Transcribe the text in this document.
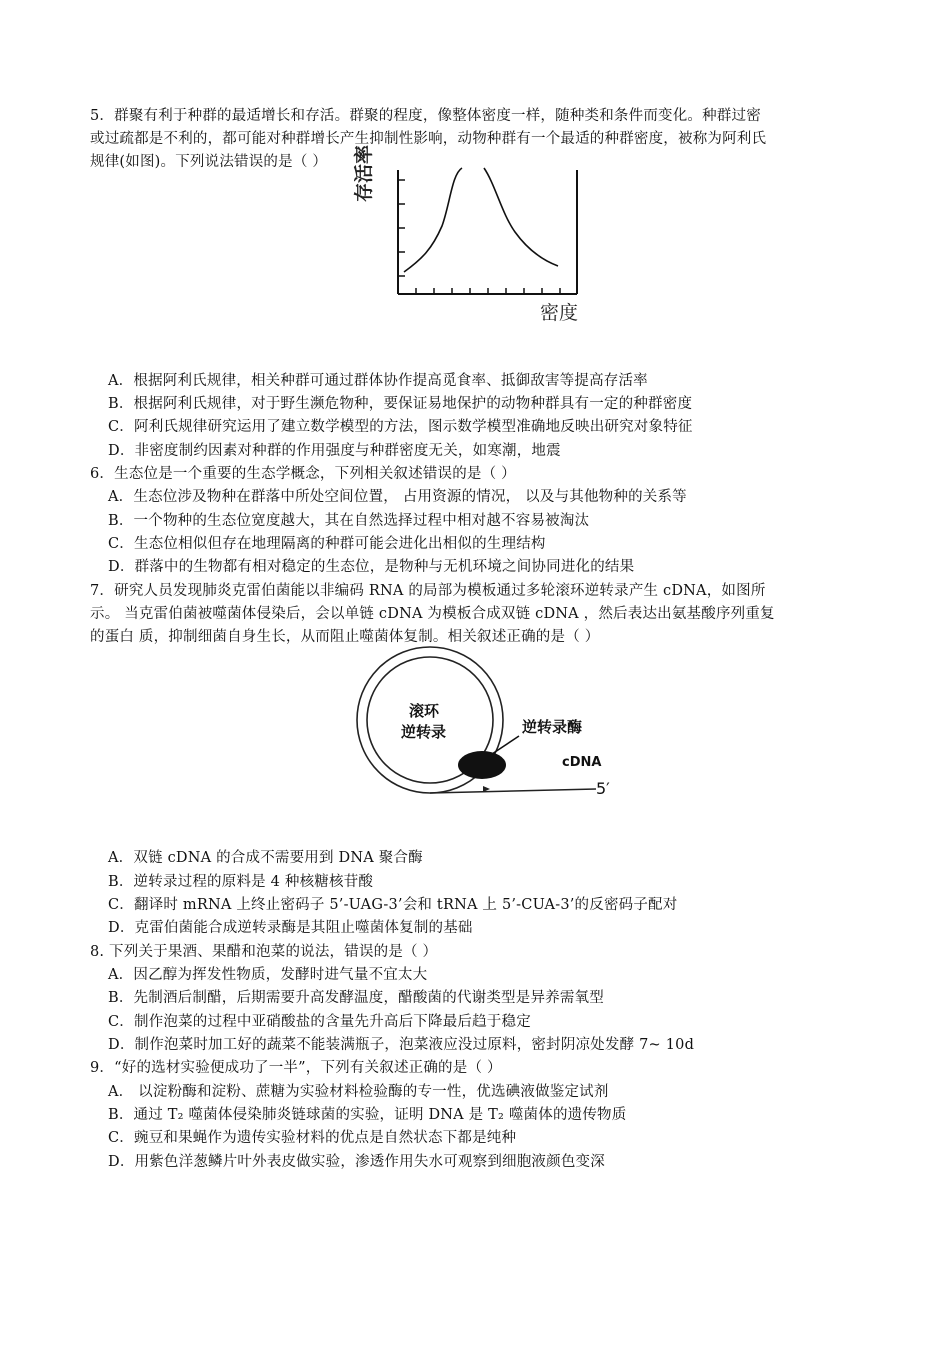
5．群聚有利于种群的最适增长和存活。群聚的程度，像整体密度一样，随种类和条件而变化。种群过密
或过疏都是不利的，都可能对种群增长产生抑制性影响，动物种群有一个最适的种群密度，被称为阿利氏
规律(如图)。下列说法错误的是（ ） 存活率
密度
A．根据阿利氏规律，相关种群可通过群体协作提高觅食率、抵御敌害等提高存活率
B．根据阿利氏规律，对于野生濒危物种，要保证易地保护的动物种群具有一定的种群密度
C．阿利氏规律研究运用了建立数学模型的方法，图示数学模型准确地反映出研究对象特征
D．非密度制约因素对种群的作用强度与种群密度无关，如寒潮，地震
6．生态位是一个重要的生态学概念，下列相关叙述错误的是（ ）
A．生态位涉及物种在群落中所处空间位置， 占用资源的情况， 以及与其他物种的关系等
B．一个物种的生态位宽度越大，其在自然选择过程中相对越不容易被淘汰
C．生态位相似但存在地理隔离的种群可能会进化出相似的生理结构
D．群落中的生物都有相对稳定的生态位，是物种与无机环境之间协同进化的结果
7．研究人员发现肺炎克雷伯菌能以非编码 RNA 的局部为模板通过多轮滚环逆转录产生 cDNA，如图所
示。 当克雷伯菌被噬菌体侵染后，会以单链 cDNA 为模板合成双链 cDNA ，然后表达出氨基酸序列重复
的蛋白 质，抑制细菌自身生长，从而阻止噬菌体复制。相关叙述正确的是（ ）
滚环
逆转录	逆转录酶
cDNA
5′
A．双链 cDNA 的合成不需要用到 DNA 聚合酶
B．逆转录过程的原料是 4 种核糖核苷酸
C．翻译时 mRNA 上终止密码子 5’-UAG-3’会和 tRNA 上 5’-CUA-3’的反密码子配对
D．克雷伯菌能合成逆转录酶是其阻止噬菌体复制的基础
8. 下列关于果酒、果醋和泡菜的说法，错误的是（ ）
A．因乙醇为挥发性物质，发酵时进气量不宜太大
B．先制酒后制醋，后期需要升高发酵温度，醋酸菌的代谢类型是异养需氧型
C．制作泡菜的过程中亚硝酸盐的含量先升高后下降最后趋于稳定
D．制作泡菜时加工好的蔬菜不能装满瓶子，泡菜液应没过原料，密封阴凉处发酵 7~ 10d
9．“好的选材实验便成功了一半”，下列有关叙述正确的是（ ）
A． 以淀粉酶和淀粉、蔗糖为实验材料检验酶的专一性，优选碘液做鉴定试剂
B．通过 T₂ 噬菌体侵染肺炎链球菌的实验，证明 DNA 是 T₂ 噬菌体的遗传物质
C．豌豆和果蝇作为遗传实验材料的优点是自然状态下都是纯种
D．用紫色洋葱鳞片叶外表皮做实验，渗透作用失水可观察到细胞液颜色变深
